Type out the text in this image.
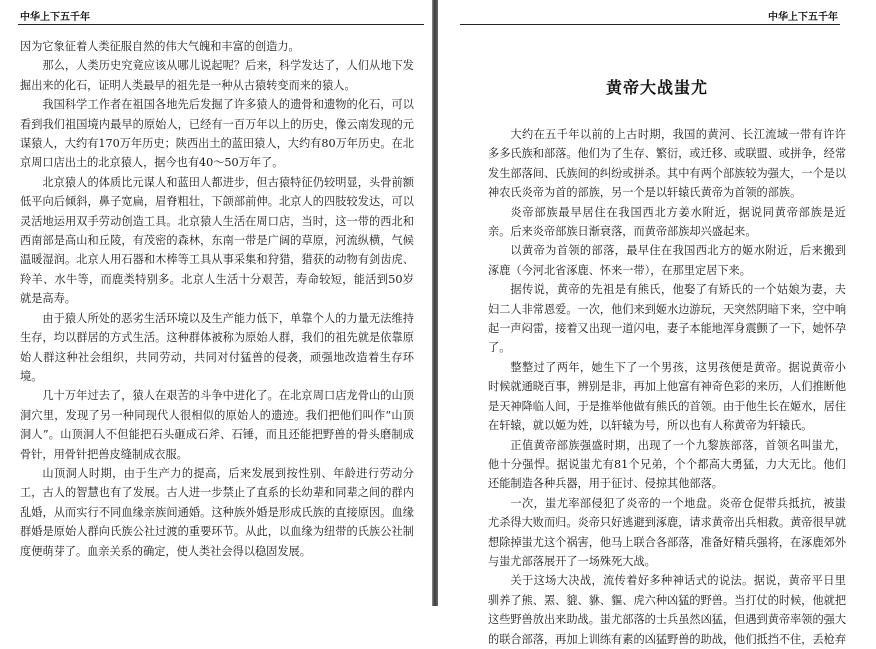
中华上下五千年

因为它象征着人类征服自然的伟大气魄和丰富的创造力。

那么，人类历史究竟应该从哪儿说起呢？后来，科学发达了，人们从地下发掘出来的化石，证明人类最早的祖先是一种从古猿转变而来的猿人。

我国科学工作者在祖国各地先后发掘了许多猿人的遗骨和遗物的化石，可以看到我们祖国境内最早的原始人，已经有一百万年以上的历史，像云南发现的元谋猿人，大约有170万年历史；陕西出土的蓝田猿人，大约有80万年历史。在北京周口店出土的北京猿人，据今也有40～50万年了。

北京猿人的体质比元谋人和蓝田人都进步，但古猿特征仍较明显，头骨前额低平向后倾斜，鼻子宽扁，眉脊粗壮，下颌部前伸。北京人的四肢较发达，可以灵活地运用双手劳动创造工具。北京猿人生活在周口店，当时，这一带的西北和西南部是高山和丘陵，有茂密的森林，东南一带是广阔的草原，河流纵横，气候温暖湿润。北京人用石器和木棒等工具从事采集和狩猎，猎获的动物有剑齿虎、羚羊、水牛等，而鹿类特别多。北京人生活十分艰苦，寿命较短，能活到50岁就是高寿。

由于猿人所处的恶劣生活环境以及生产能力低下，单靠个人的力量无法维持生存，均以群居的方式生活。这种群体被称为原始人群，我们的祖先就是依靠原始人群这种社会组织，共同劳动，共同对付猛兽的侵袭，顽强地改造着生存环境。

几十万年过去了，猿人在艰苦的斗争中进化了。在北京周口店龙骨山的山顶洞穴里，发现了另一种同现代人很相似的原始人的遗迹。我们把他们叫作“山顶洞人”。山顶洞人不但能把石头砸成石斧、石锤，而且还能把野兽的骨头磨制成骨针，用骨针把兽皮缝制成衣服。

山顶洞人时期，由于生产力的提高，后来发展到按性别、年龄进行劳动分工，古人的智慧也有了发展。古人进一步禁止了直系的长幼辈和同辈之间的群内乱婚，从而实行不同血缘亲族间通婚。这种族外婚是形成氏族的直接原因。血缘群婚是原始人群向氏族公社过渡的重要环节。从此，以血缘为纽带的氏族公社制度便萌芽了。血亲关系的确定，使人类社会得以稳固发展。

中华上下五千年
黄帝大战蚩尤

大约在五千年以前的上古时期，我国的黄河、长江流域一带有许许多多氏族和部落。他们为了生存、繁衍，或迁移、或联盟、或拼争，经常发生部落间、氏族间的纠纷或拼杀。其中有两个部族较为强大，一个是以神农氏炎帝为首的部族，另一个是以轩辕氏黄帝为首领的部族。

炎帝部族最早居住在我国西北方姜水附近，据说同黄帝部族是近亲。后来炎帝部族日渐衰落，而黄帝部族却兴盛起来。

以黄帝为首领的部落，最早住在我国西北方的姬水附近，后来搬到涿鹿（今河北省涿鹿、怀来一带），在那里定居下来。

据传说，黄帝的先祖是有熊氏，他娶了有矫氏的一个姑娘为妻，夫妇二人非常恩爱。一次，他们来到姬水边游玩，天突然阴暗下来，空中响起一声闷雷，接着又出现一道闪电，妻子本能地浑身震颤了一下，她怀孕了。

整整过了两年，她生下了一个男孩，这男孩便是黄帝。据说黄帝小时候就通晓百事，辨别是非，再加上他富有神奇色彩的来历，人们推断他是天神降临人间，于是推举他做有熊氏的首领。由于他生长在姬水，居住在轩辕，就以姬为姓，以轩辕为号，所以也有人称黄帝为轩辕氏。

正值黄帝部族强盛时期，出现了一个九黎族部落，首领名叫蚩尤，他十分强悍。据说蚩尤有81个兄弟，个个都高大勇猛，力大无比。他们还能制造各种兵器，用于征讨、侵掠其他部落。

一次，蚩尤率部侵犯了炎帝的一个地盘。炎帝仓促带兵抵抗，被蚩尤杀得大败而归。炎帝只好逃避到涿鹿，请求黄帝出兵相救。黄帝很早就想除掉蚩尤这个祸害，他马上联合各部落，准备好精兵强将，在涿鹿郊外与蚩尤部落展开了一场殊死大战。

关于这场大决战，流传着好多种神话式的说法。据说，黄帝平日里驯养了熊、罴、貔、貅、貙、虎六种凶猛的野兽。当打仗的时候，他就把这些野兽放出来助战。蚩尤部落的士兵虽然凶猛，但遇到黄帝率领的强大的联合部落，再加上训练有素的凶猛野兽的助战，他们抵挡不住，丢枪弃
